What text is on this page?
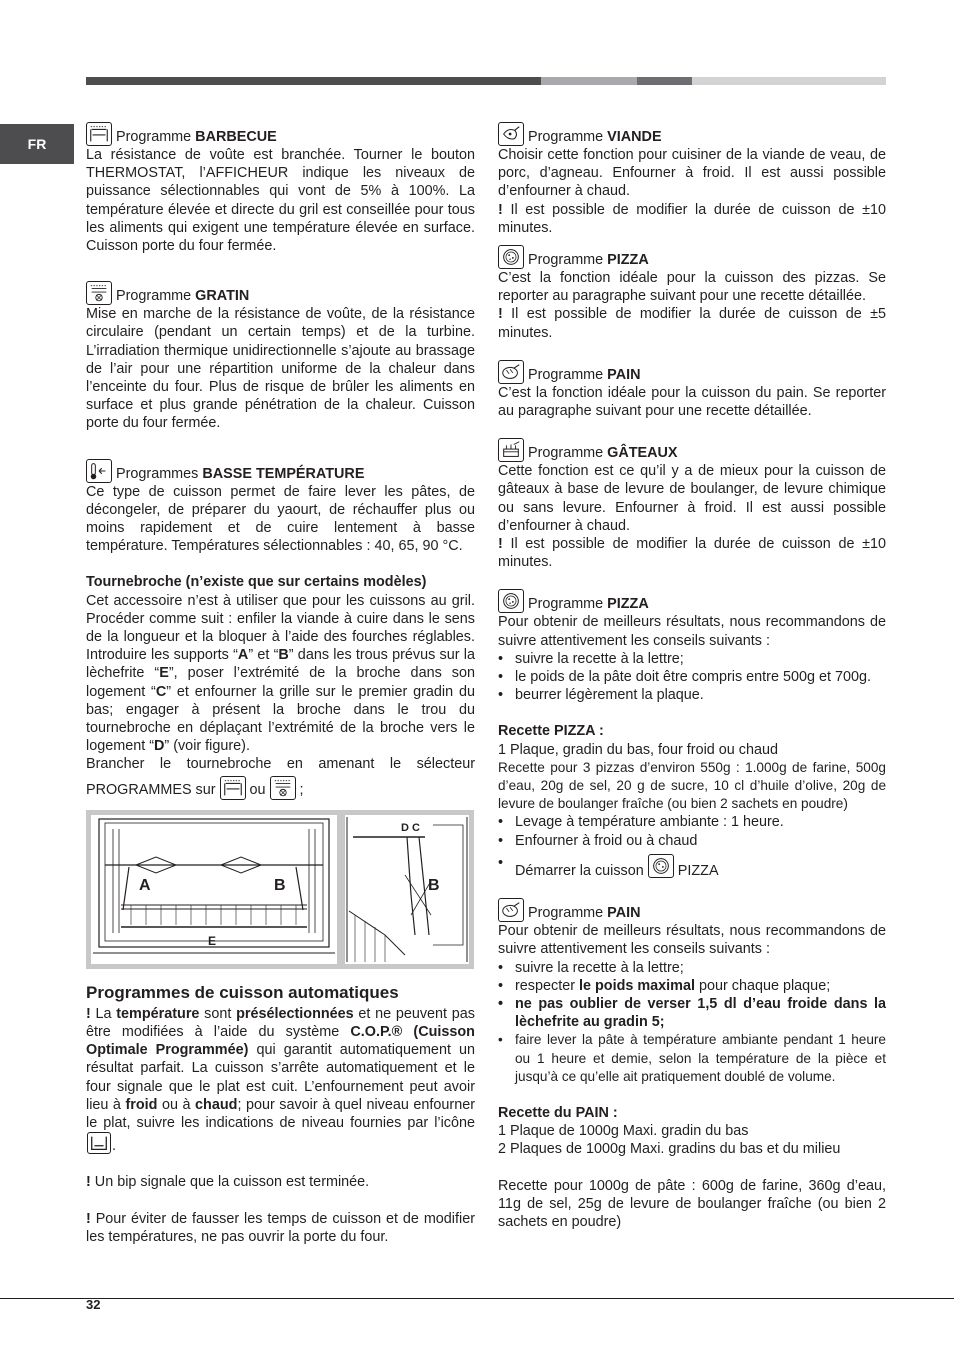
FR	Programme BARBECUE

La résistance de voûte est branchée. Tourner le bouton THERMOSTAT, l’AFFICHEUR indique les niveaux de puissance sélectionnables qui vont de 5% à 100%. La température élevée et directe du gril est conseillée pour tous les aliments qui exigent une température élevée en surface. Cuisson porte du four fermée.

Programme GRATIN

Mise en marche de la résistance de voûte, de la résistance circulaire (pendant un certain temps) et de la turbine. L’irradiation thermique unidirectionnelle s’ajoute au brassage de l’air pour une répartition uniforme de la chaleur dans l’enceinte du four. Plus de risque de brûler les aliments en surface et plus grande pénétration de la chaleur. Cuisson porte du four fermée.

Programmes BASSE TEMPÉRATURE

Ce type de cuisson permet de faire lever les pâtes, de décongeler, de préparer du yaourt, de réchauffer plus ou moins rapidement et de cuire lentement à basse température. Températures sélectionnables : 40, 65, 90 °C.

Tournebroche (n’existe que sur certains modèles)

Cet accessoire n’est à utiliser que pour les cuissons au gril. Procéder comme suit : enfiler la viande à cuire dans le sens de la longueur et la bloquer à l’aide des fourches réglables. Introduire les supports “A” et “B” dans les trous prévus sur la lèchefrite “E”, poser l’extrémité de la broche dans son logement “C” et enfourner la grille sur le premier gradin du bas; engager à présent la broche dans le trou du tournebroche en déplaçant l’extrémité de la broche vers le logement “D” (voir figure).

Brancher le tournebroche en amenant le sélecteur

PROGRAMMES sur ou ;

A	B
E
D C
B

Programmes de cuisson automatiques

! La température sont présélectionnées et ne peuvent pas être modifiées à l’aide du système C.O.P.® (Cuisson Optimale Programmée) qui garantit automatiquement un résultat parfait. La cuisson s’arrête automatiquement et le four signale que le plat est cuit. L’enfournement peut avoir lieu à froid ou à chaud; pour savoir à quel niveau enfourner le plat, suivre les indications de niveau fournies par l’icône
.

! Un bip signale que la cuisson est terminée.

! Pour éviter de fausser les temps de cuisson et de modifier les températures, ne pas ouvrir la porte du four.

Programme VIANDE

Choisir cette fonction pour cuisiner de la viande de veau, de porc, d’agneau. Enfourner à froid. Il est aussi possible d’enfourner à chaud.

! Il est possible de modifier la durée de cuisson de ±10 minutes.

Programme PIZZA

C’est la fonction idéale pour la cuisson des pizzas. Se reporter au paragraphe suivant pour une recette détaillée.

! Il est possible de modifier la durée de cuisson de ±5 minutes.

Programme PAIN

C’est la fonction idéale pour la cuisson du pain. Se reporter au paragraphe suivant pour une recette détaillée.

Programme GÂTEAUX

Cette fonction est ce qu’il y a de mieux pour la cuisson de gâteaux à base de levure de boulanger, de levure chimique ou sans levure. Enfourner à froid. Il est aussi possible d’enfourner à chaud.

! Il est possible de modifier la durée de cuisson de ±10 minutes.

Programme PIZZA

Pour obtenir de meilleurs résultats, nous recommandons de suivre attentivement les conseils suivants :

• suivre la recette à la lettre;
• le poids de la pâte doit être compris entre 500g et 700g.
• beurrer légèrement la plaque.

Recette PIZZA :

1 Plaque, gradin du bas, four froid ou chaud

Recette pour 3 pizzas d’environ 550g : 1.000g de farine, 500g d’eau, 20g de sel, 20 g de sucre, 10 cl d’huile d’olive, 20g de levure de boulanger fraîche (ou bien 2 sachets en poudre)

• Levage à température ambiante : 1 heure.
• Enfourner à froid ou à chaud
• Démarrer la cuisson PIZZA
Programme PAIN

Pour obtenir de meilleurs résultats, nous recommandons de suivre attentivement les conseils suivants :

• suivre la recette à la lettre;
• respecter le poids maximal pour chaque plaque;
• ne pas oublier de verser 1,5 dl d’eau froide dans la lèchefrite au gradin 5;
• faire lever la pâte à température ambiante pendant 1 heure ou 1 heure et demie, selon la température de la pièce et jusqu’à ce qu’elle ait pratiquement doublé de volume.

Recette du PAIN :

1 Plaque de 1000g Maxi. gradin du bas

2 Plaques de 1000g Maxi. gradins du bas et du milieu

Recette pour 1000g de pâte : 600g de farine, 360g d’eau, 11g de sel, 25g de levure de boulanger fraîche (ou bien 2 sachets en poudre)

32
